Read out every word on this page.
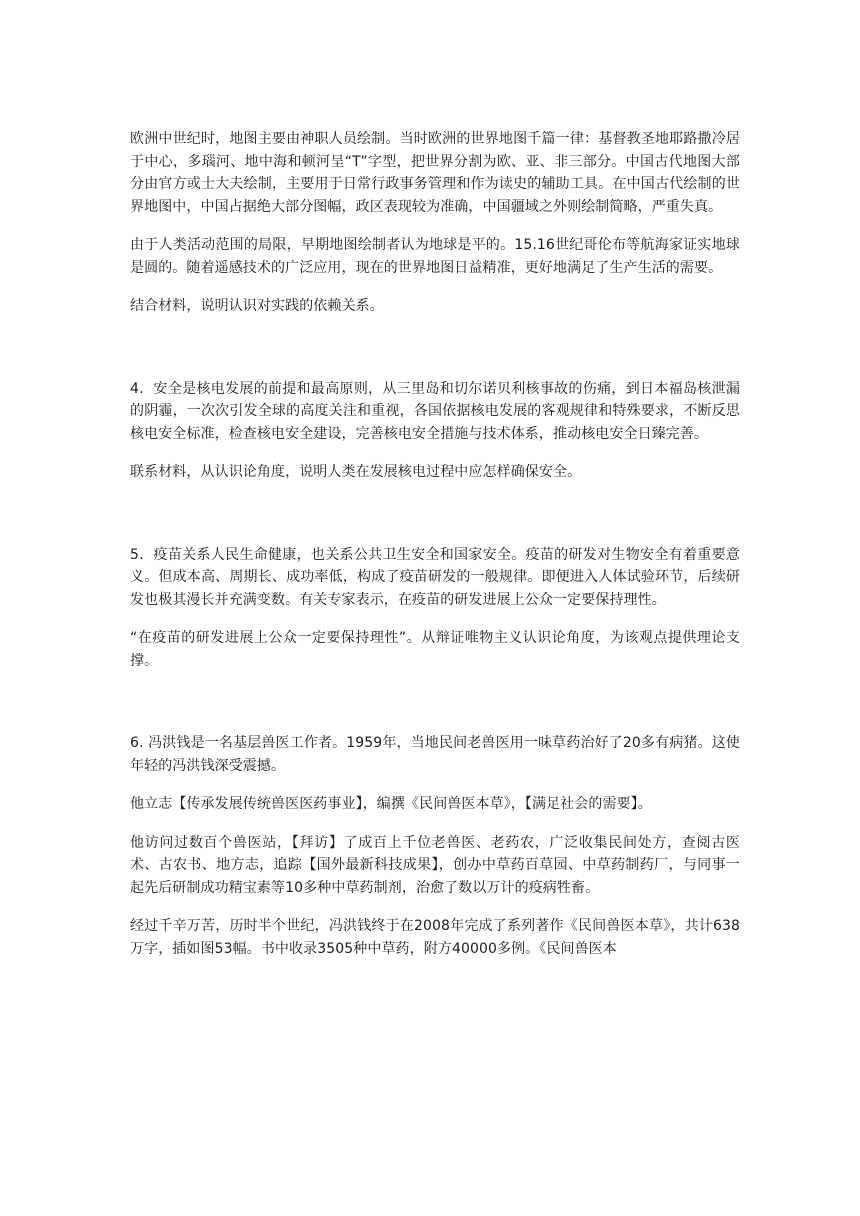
欧洲中世纪时，地图主要由神职人员绘制。当时欧洲的世界地图千篇一律：基督教圣地耶路撒冷居于中心，多瑙河、地中海和顿河呈“T”字型，把世界分割为欧、亚、非三部分。中国古代地图大部分由官方或士大夫绘制，主要用于日常行政事务管理和作为读史的辅助工具。在中国古代绘制的世界地图中，中国占据绝大部分图幅，政区表现较为准确，中国疆域之外则绘制简略，严重失真。

由于人类活动范围的局限，早期地图绘制者认为地球是平的。15.16世纪哥伦布等航海家证实地球是圆的。随着遥感技术的广泛应用，现在的世界地图日益精准，更好地满足了生产生活的需要。

结合材料，说明认识对实践的依赖关系。

4．安全是核电发展的前提和最高原则，从三里岛和切尔诺贝利核事故的伤痛，到日本福岛核泄漏的阴霾，一次次引发全球的高度关注和重视，各国依据核电发展的客观规律和特殊要求，不断反思核电安全标准，检查核电安全建设，完善核电安全措施与技术体系，推动核电安全日臻完善。

联系材料，从认识论角度，说明人类在发展核电过程中应怎样确保安全。

5．疫苗关系人民生命健康，也关系公共卫生安全和国家安全。疫苗的研发对生物安全有着重要意义。但成本高、周期长、成功率低，构成了疫苗研发的一般规律。即便进入人体试验环节，后续研发也极其漫长并充满变数。有关专家表示，在疫苗的研发进展上公众一定要保持理性。

“在疫苗的研发进展上公众一定要保持理性”。从辩证唯物主义认识论角度，为该观点提供理论支撑。

6. 冯洪钱是一名基层兽医工作者。1959年，当地民间老兽医用一味草药治好了20多有病猪。这使年轻的冯洪钱深受震撼。

他立志【传承发展传统兽医医药事业】，编撰《民间兽医本草》，【满足社会的需要】。

他访问过数百个兽医站，【拜访】了成百上千位老兽医、老药农，广泛收集民间处方，查阅古医术、古农书、地方志，追踪【国外最新科技成果】，创办中草药百草园、中草药制药厂，与同事一起先后研制成功精宝素等10多种中草药制剂，治愈了数以万计的疫病牲畜。

经过千辛万苦，历时半个世纪，冯洪钱终于在2008年完成了系列著作《民间兽医本草》，共计638万字，插如图53幅。书中收录3505种中草药，附方40000多例。《民间兽医本
